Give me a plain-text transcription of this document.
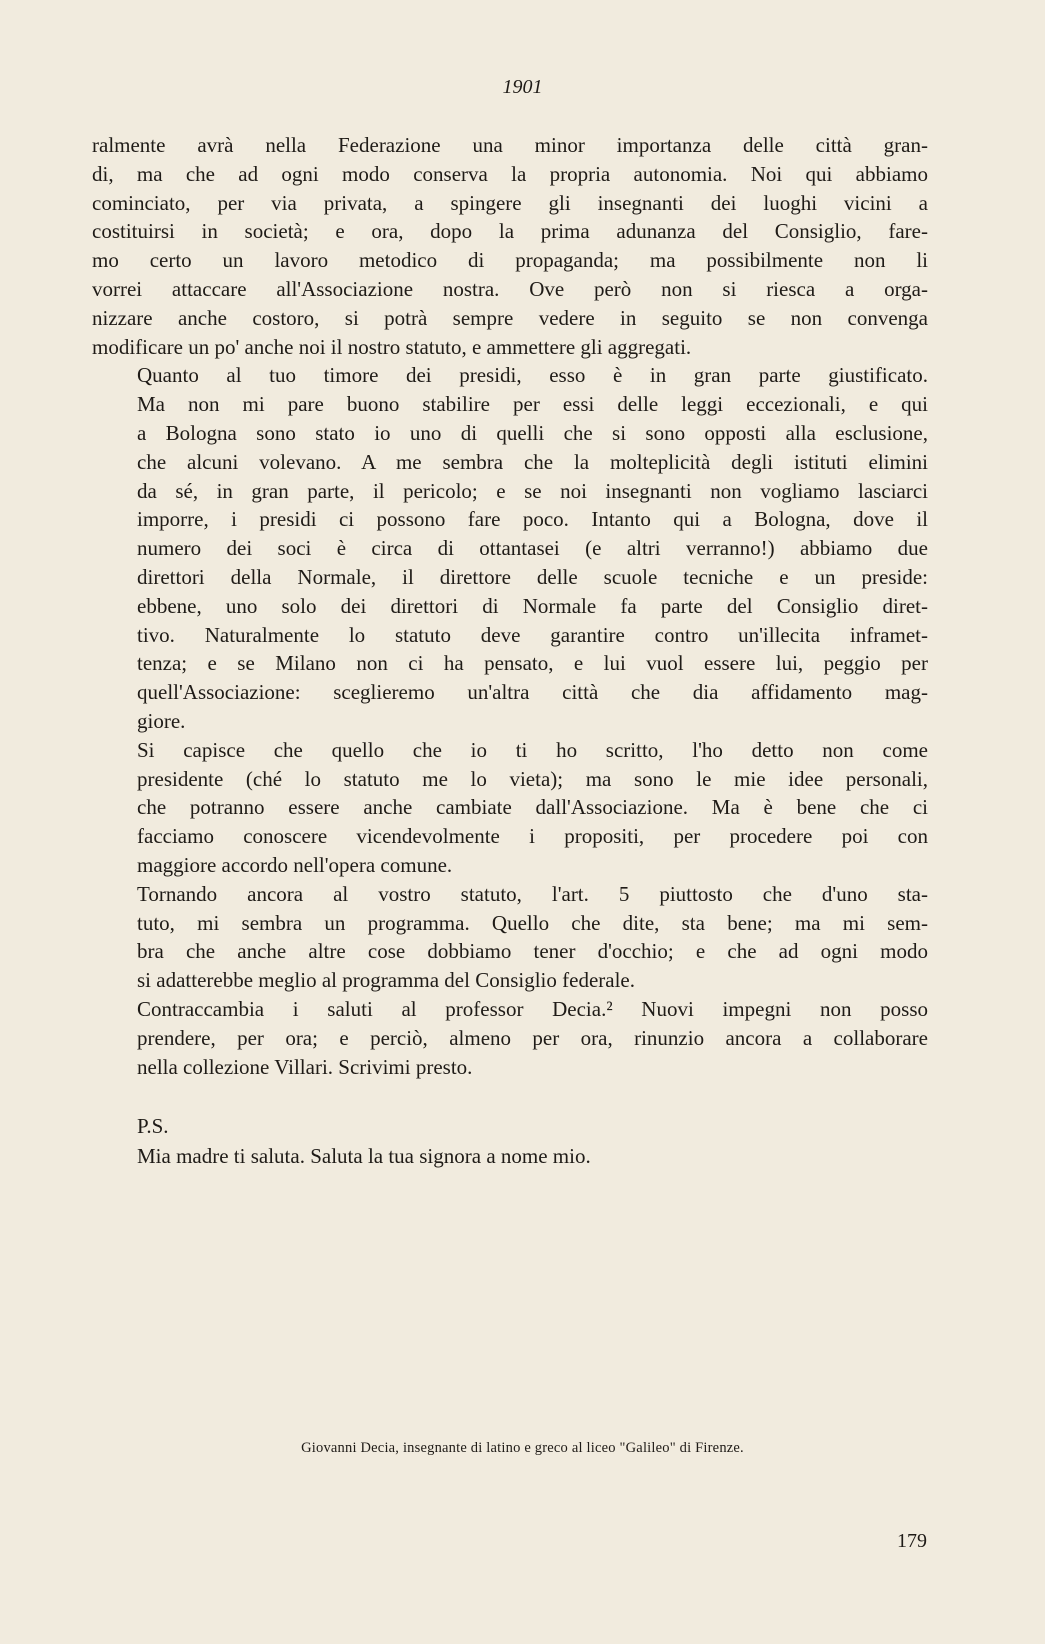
1901
ralmente avrà nella Federazione una minor importanza delle città gran-
di, ma che ad ogni modo conserva la propria autonomia. Noi qui abbiamo
cominciato, per via privata, a spingere gli insegnanti dei luoghi vicini a
costituirsi in società; e ora, dopo la prima adunanza del Consiglio, fare-
mo certo un lavoro metodico di propaganda; ma possibilmente non li
vorrei attaccare all'Associazione nostra. Ove però non si riesca a orga-
nizzare anche costoro, si potrà sempre vedere in seguito se non convenga
modificare un po' anche noi il nostro statuto, e ammettere gli aggregati.
Quanto al tuo timore dei presidi, esso è in gran parte giustificato.
Ma non mi pare buono stabilire per essi delle leggi eccezionali, e qui
a Bologna sono stato io uno di quelli che si sono opposti alla esclusione,
che alcuni volevano. A me sembra che la molteplicità degli istituti elimini
da sé, in gran parte, il pericolo; e se noi insegnanti non vogliamo lasciarci
imporre, i presidi ci possono fare poco. Intanto qui a Bologna, dove il
numero dei soci è circa di ottantasei (e altri verranno!) abbiamo due
direttori della Normale, il direttore delle scuole tecniche e un preside:
ebbene, uno solo dei direttori di Normale fa parte del Consiglio diret-
tivo. Naturalmente lo statuto deve garantire contro un'illecita inframet-
tenza; e se Milano non ci ha pensato, e lui vuol essere lui, peggio per
quell'Associazione: sceglieremo un'altra città che dia affidamento mag-
giore.
Si capisce che quello che io ti ho scritto, l'ho detto non come
presidente (ché lo statuto me lo vieta); ma sono le mie idee personali,
che potranno essere anche cambiate dall'Associazione. Ma è bene che ci
facciamo conoscere vicendevolmente i propositi, per procedere poi con
maggiore accordo nell'opera comune.
Tornando ancora al vostro statuto, l'art. 5 piuttosto che d'uno sta-
tuto, mi sembra un programma. Quello che dite, sta bene; ma mi sem-
bra che anche altre cose dobbiamo tener d'occhio; e che ad ogni modo
si adatterebbe meglio al programma del Consiglio federale.
Contraccambia i saluti al professor Decia.² Nuovi impegni non posso
prendere, per ora; e perciò, almeno per ora, rinunzio ancora a collaborare
nella collezione Villari. Scrivimi presto.
P.S.
Mia madre ti saluta. Saluta la tua signora a nome mio.
Giovanni Decia, insegnante di latino e greco al liceo "Galileo" di Firenze.
179
